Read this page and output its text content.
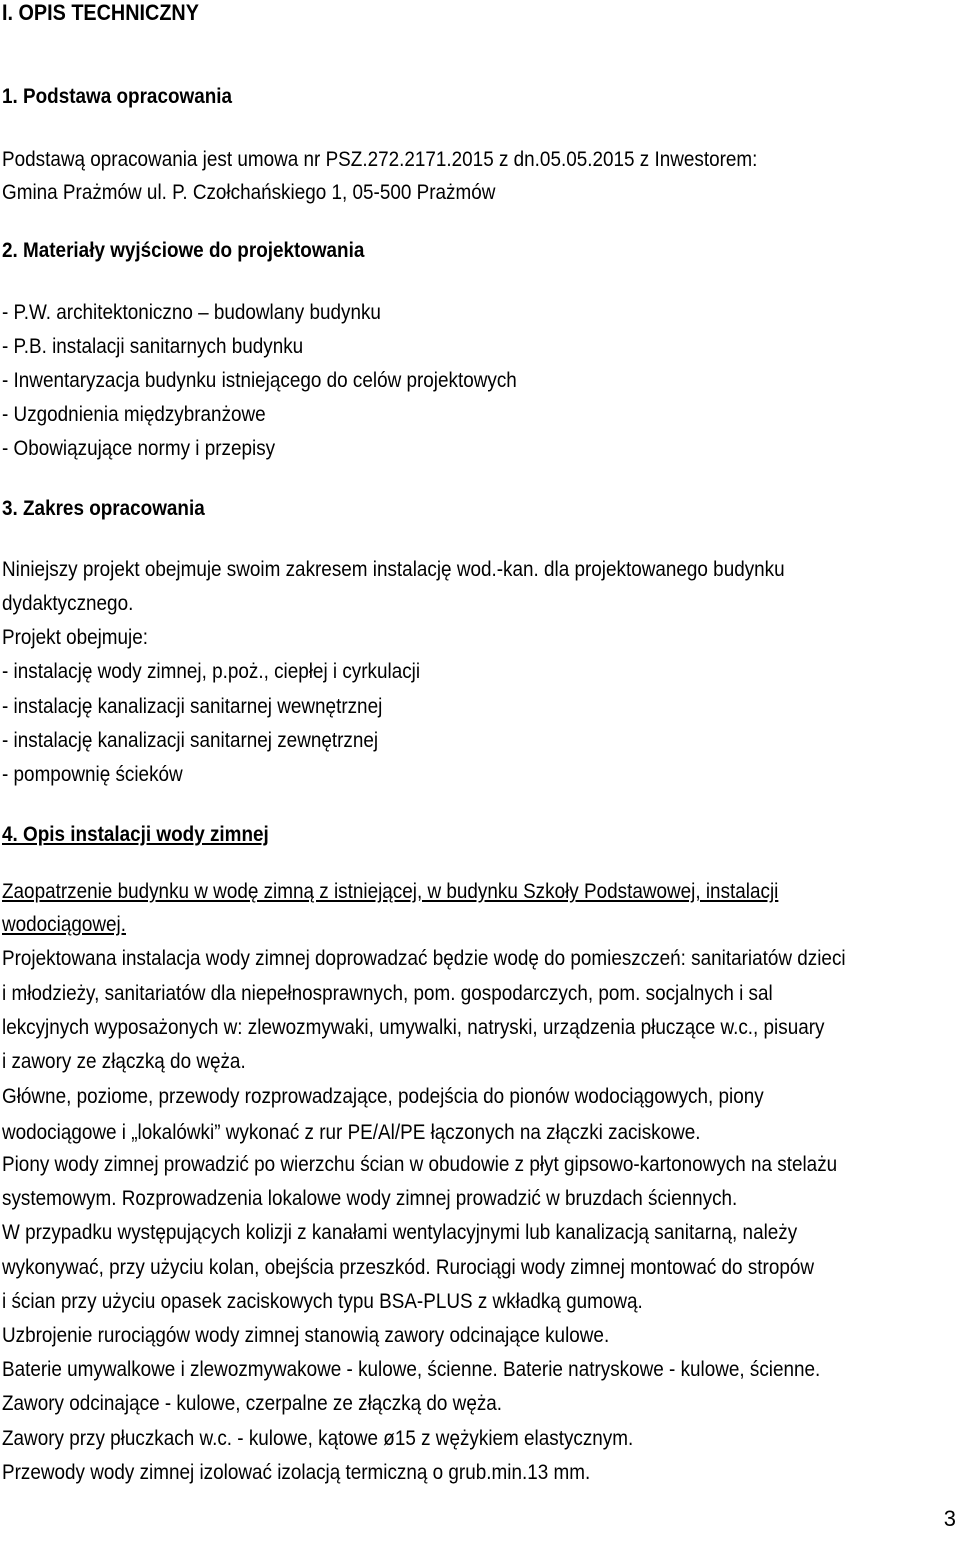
I. OPIS TECHNICZNY

1. Podstawa opracowania

Podstawą opracowania jest umowa nr PSZ.272.2171.2015 z dn.05.05.2015 z Inwestorem:

Gmina Prażmów ul. P. Czołchańskiego 1, 05-500 Prażmów

2. Materiały wyjściowe do projektowania

- P.W. architektoniczno – budowlany budynku

- P.B. instalacji sanitarnych budynku

- Inwentaryzacja budynku istniejącego do celów projektowych

- Uzgodnienia międzybranżowe

- Obowiązujące normy i przepisy

3. Zakres opracowania

Niniejszy projekt obejmuje swoim zakresem instalację wod.-kan. dla projektowanego budynku

dydaktycznego.

Projekt obejmuje:

- instalację wody zimnej, p.poż., ciepłej i cyrkulacji

- instalację kanalizacji sanitarnej wewnętrznej

- instalację kanalizacji sanitarnej zewnętrznej

- pompownię ścieków

4. Opis instalacji wody zimnej

Zaopatrzenie budynku w wodę zimną z istniejącej, w budynku Szkoły Podstawowej, instalacji

wodociągowej.

Projektowana instalacja wody zimnej doprowadzać będzie wodę do pomieszczeń: sanitariatów dzieci

i młodzieży, sanitariatów dla niepełnosprawnych, pom. gospodarczych, pom. socjalnych i sal

lekcyjnych wyposażonych w: zlewozmywaki, umywalki, natryski, urządzenia płuczące w.c., pisuary

i zawory ze złączką do węża.

Główne, poziome, przewody rozprowadzające, podejścia do pionów wodociągowych, piony

wodociągowe i „lokalówki” wykonać z rur PE/Al/PE łączonych na złączki zaciskowe.

Piony wody zimnej prowadzić po wierzchu ścian w obudowie z płyt gipsowo-kartonowych na stelażu

systemowym. Rozprowadzenia lokalowe wody zimnej prowadzić w bruzdach ściennych.

W przypadku występujących kolizji z kanałami wentylacyjnymi lub kanalizacją sanitarną, należy

wykonywać, przy użyciu kolan, obejścia przeszkód. Rurociągi wody zimnej montować do stropów

i ścian przy użyciu opasek zaciskowych typu BSA-PLUS z wkładką gumową.

Uzbrojenie rurociągów wody zimnej stanowią zawory odcinające kulowe.

Baterie umywalkowe i zlewozmywakowe - kulowe, ścienne. Baterie natryskowe - kulowe, ścienne.

Zawory odcinające - kulowe, czerpalne ze złączką do węża.

Zawory przy płuczkach w.c. - kulowe, kątowe ø15 z wężykiem elastycznym.

Przewody wody zimnej izolować izolacją termiczną o grub.min.13 mm.

3
